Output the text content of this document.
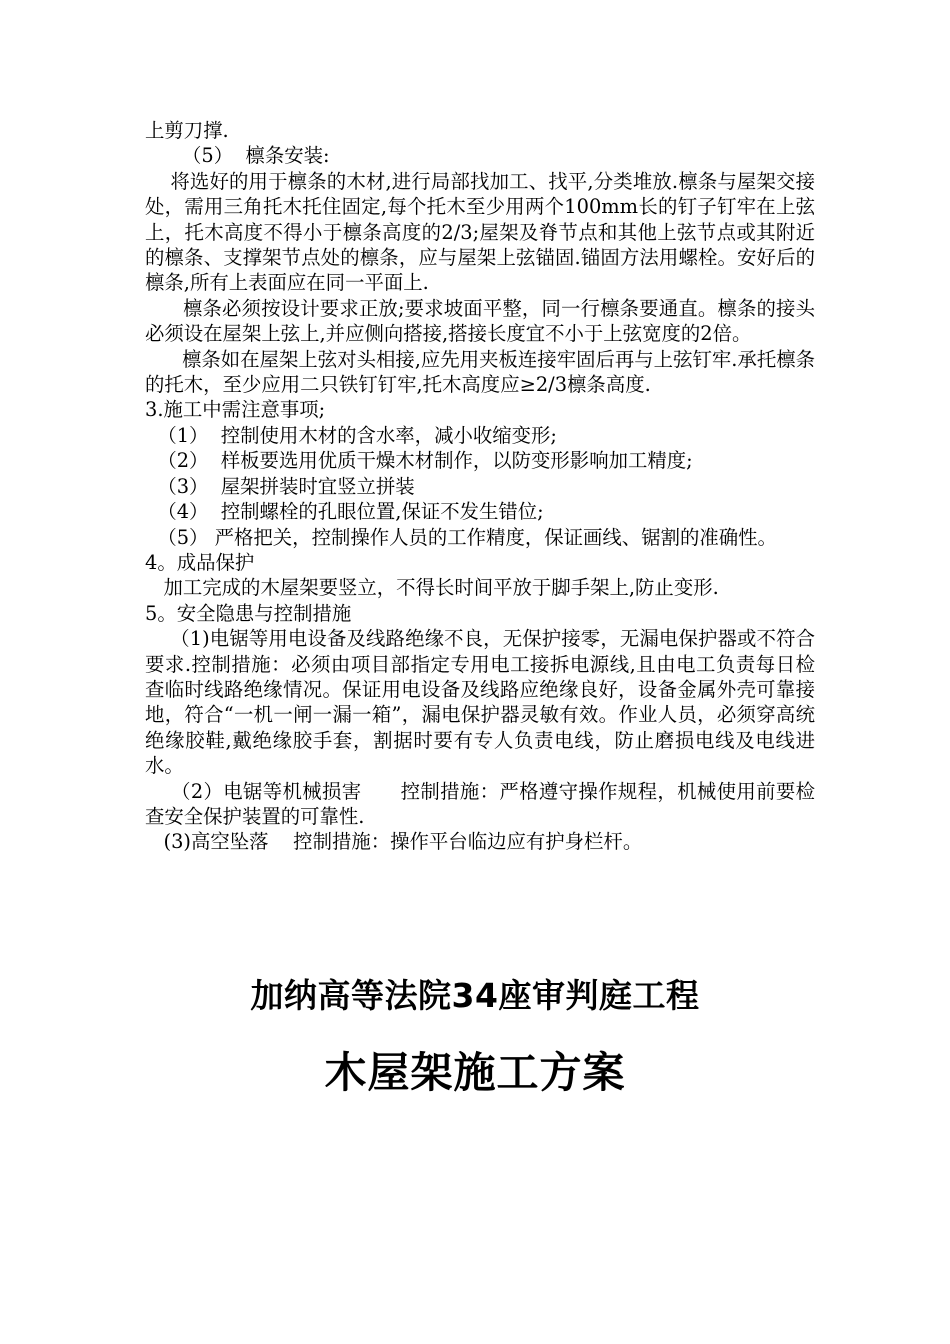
上剪刀撑.

（5）  檩条安装:

将选好的用于檩条的木材,进行局部找加工、找平,分类堆放.檩条与屋架交接处，需用三角托木托住固定,每个托木至少用两个100mm长的钉子钉牢在上弦上，托木高度不得小于檩条高度的2/3;屋架及脊节点和其他上弦节点或其附近的檩条、支撑架节点处的檩条，应与屋架上弦锚固.锚固方法用螺栓。安好后的檩条,所有上表面应在同一平面上.

檩条必须按设计要求正放;要求坡面平整，同一行檩条要通直。檩条的接头必须设在屋架上弦上,并应侧向搭接,搭接长度宜不小于上弦宽度的2倍。

檩条如在屋架上弦对头相接,应先用夹板连接牢固后再与上弦钉牢.承托檩条的托木，至少应用二只铁钉钉牢,托木高度应≥2/3檩条高度.

3.施工中需注意事项;

（1）  控制使用木材的含水率，减小收缩变形;

（2）  样板要选用优质干燥木材制作，以防变形影响加工精度;

（3）  屋架拼装时宜竖立拼装

（4）  控制螺栓的孔眼位置,保证不发生错位;

（5） 严格把关，控制操作人员的工作精度，保证画线、锯割的准确性。

4。成品保护

加工完成的木屋架要竖立，不得长时间平放于脚手架上,防止变形.

5。安全隐患与控制措施

（1)电锯等用电设备及线路绝缘不良，无保护接零，无漏电保护器或不符合要求.控制措施：必须由项目部指定专用电工接拆电源线,且由电工负责每日检查临时线路绝缘情况。保证用电设备及线路应绝缘良好，设备金属外壳可靠接地，符合“一机一闸一漏一箱”，漏电保护器灵敏有效。作业人员，必须穿高统绝缘胶鞋,戴绝缘胶手套，割据时要有专人负责电线，防止磨损电线及电线进水。

（2）电锯等机械损害      控制措施：严格遵守操作规程，机械使用前要检查安全保护装置的可靠性.

(3)高空坠落    控制措施：操作平台临边应有护身栏杆。

加纳高等法院34座审判庭工程
木屋架施工方案
